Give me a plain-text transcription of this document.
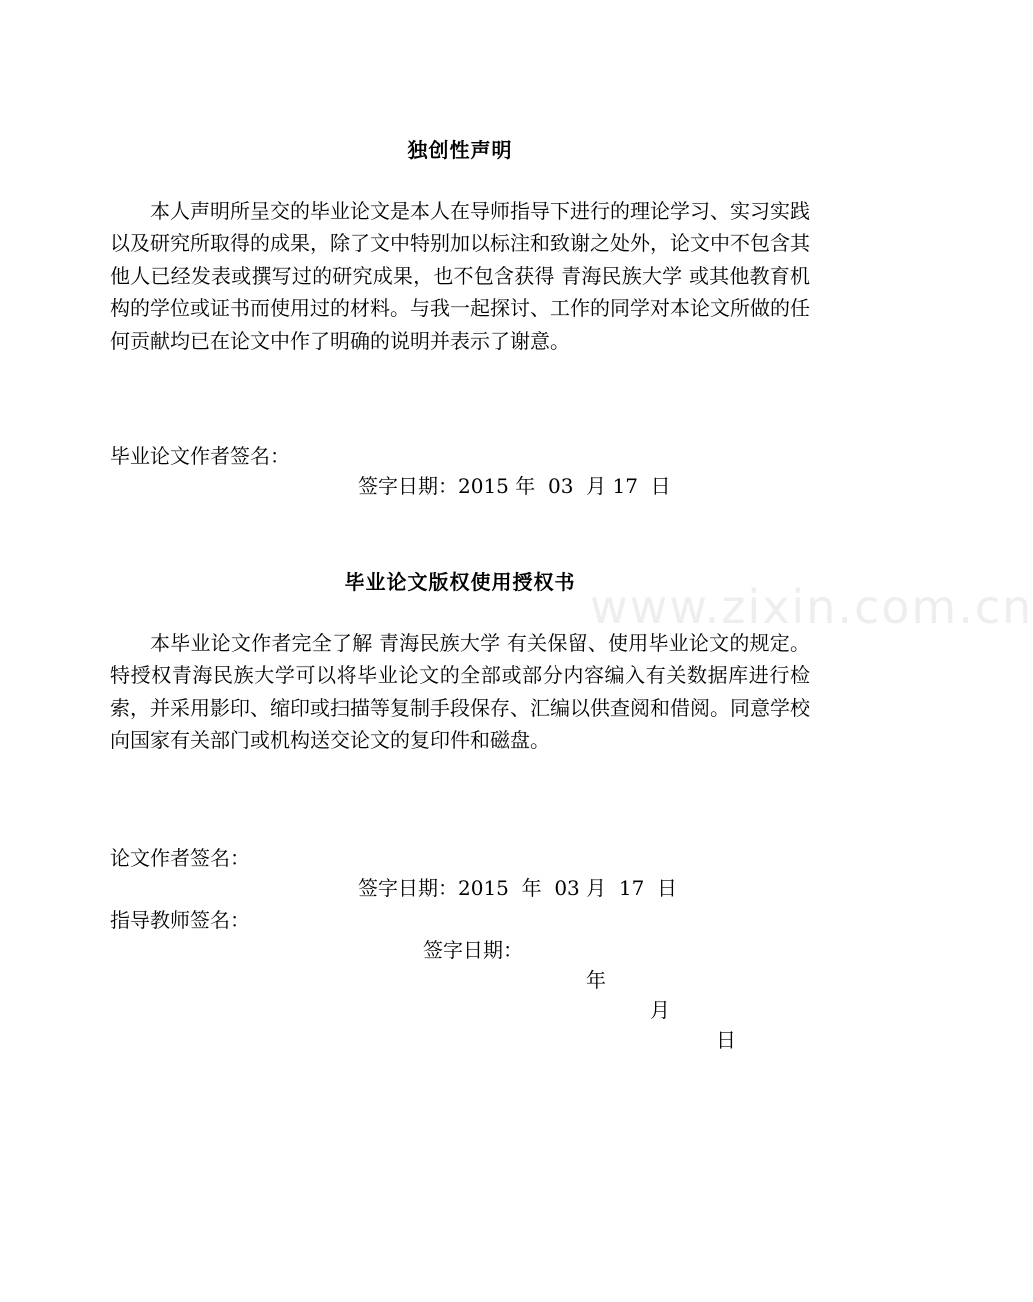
www.zixin.com.cn
独创性声明

本人声明所呈交的毕业论文是本人在导师指导下进行的理论学习、实习实践以及研究所取得的成果，除了文中特别加以标注和致谢之处外，论文中不包含其他人已经发表或撰写过的研究成果，也不包含获得 青海民族大学 或其他教育机构的学位或证书而使用过的材料。与我一起探讨、工作的同学对本论文所做的任何贡献均已在论文中作了明确的说明并表示了谢意。

毕业论文作者签名：

签字日期：2015 年  03  月 17  日

毕业论文版权使用授权书

本毕业论文作者完全了解 青海民族大学 有关保留、使用毕业论文的规定。特授权青海民族大学可以将毕业论文的全部或部分内容编入有关数据库进行检索，并采用影印、缩印或扫描等复制手段保存、汇编以供查阅和借阅。同意学校向国家有关部门或机构送交论文的复印件和磁盘。

论文作者签名：

签字日期：2015  年  03 月  17  日

指导教师签名：

签字日期：

年

月

日
